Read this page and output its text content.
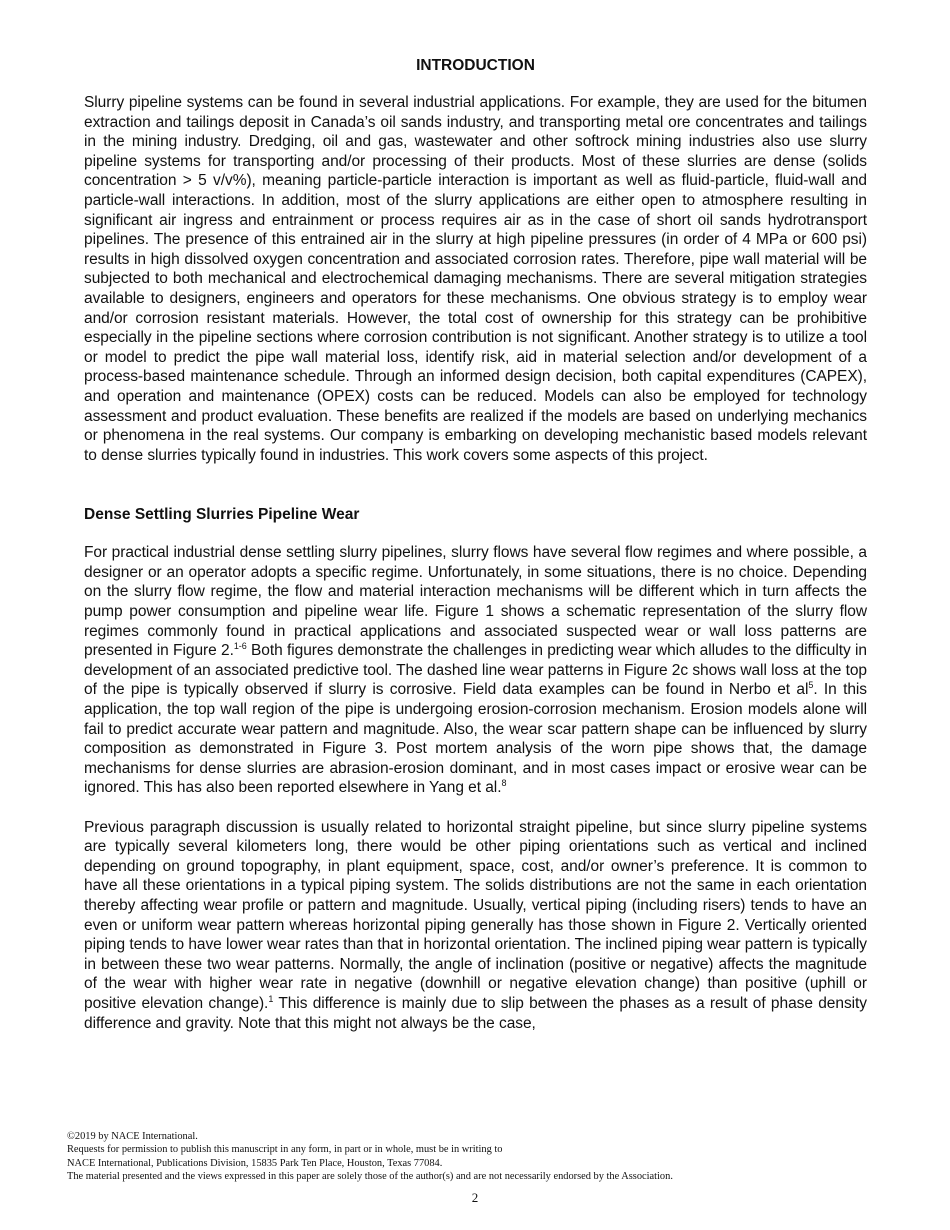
INTRODUCTION

Slurry pipeline systems can be found in several industrial applications. For example, they are used for the bitumen extraction and tailings deposit in Canada’s oil sands industry, and transporting metal ore concentrates and tailings in the mining industry. Dredging, oil and gas, wastewater and other softrock mining industries also use slurry pipeline systems for transporting and/or processing of their products. Most of these slurries are dense (solids concentration > 5 v/v%), meaning particle-particle interaction is important as well as fluid-particle, fluid-wall and particle-wall interactions. In addition, most of the slurry applications are either open to atmosphere resulting in significant air ingress and entrainment or process requires air as in the case of short oil sands hydrotransport pipelines. The presence of this entrained air in the slurry at high pipeline pressures (in order of 4 MPa or 600 psi) results in high dissolved oxygen concentration and associated corrosion rates. Therefore, pipe wall material will be subjected to both mechanical and electrochemical damaging mechanisms. There are several mitigation strategies available to designers, engineers and operators for these mechanisms. One obvious strategy is to employ wear and/or corrosion resistant materials. However, the total cost of ownership for this strategy can be prohibitive especially in the pipeline sections where corrosion contribution is not significant. Another strategy is to utilize a tool or model to predict the pipe wall material loss, identify risk, aid in material selection and/or development of a process-based maintenance schedule. Through an informed design decision, both capital expenditures (CAPEX), and operation and maintenance (OPEX) costs can be reduced. Models can also be employed for technology assessment and product evaluation. These benefits are realized if the models are based on underlying mechanics or phenomena in the real systems. Our company is embarking on developing mechanistic based models relevant to dense slurries typically found in industries. This work covers some aspects of this project.

Dense Settling Slurries Pipeline Wear

For practical industrial dense settling slurry pipelines, slurry flows have several flow regimes and where possible, a designer or an operator adopts a specific regime. Unfortunately, in some situations, there is no choice. Depending on the slurry flow regime, the flow and material interaction mechanisms will be different which in turn affects the pump power consumption and pipeline wear life. Figure 1 shows a schematic representation of the slurry flow regimes commonly found in practical applications and associated suspected wear or wall loss patterns are presented in Figure 2.$^{1-6}$ Both figures demonstrate the challenges in predicting wear which alludes to the difficulty in development of an associated predictive tool. The dashed line wear patterns in Figure 2c shows wall loss at the top of the pipe is typically observed if slurry is corrosive. Field data examples can be found in Nerbo et $al^5$. In this application, the top wall region of the pipe is undergoing erosion-corrosion mechanism. Erosion models alone will fail to predict accurate wear pattern and magnitude. Also, the wear scar pattern shape can be influenced by slurry composition as demonstrated in Figure 3. Post mortem analysis of the worn pipe shows that, the damage mechanisms for dense slurries are abrasion-erosion dominant, and in most cases impact or erosive wear can be ignored. This has also been reported elsewhere in Yang et al.$^8$

Previous paragraph discussion is usually related to horizontal straight pipeline, but since slurry pipeline systems are typically several kilometers long, there would be other piping orientations such as vertical and inclined depending on ground topography, in plant equipment, space, cost, and/or owner’s preference. It is common to have all these orientations in a typical piping system. The solids distributions are not the same in each orientation thereby affecting wear profile or pattern and magnitude. Usually, vertical piping (including risers) tends to have an even or uniform wear pattern whereas horizontal piping generally has those shown in Figure 2. Vertically oriented piping tends to have lower wear rates than that in horizontal orientation. The inclined piping wear pattern is typically in between these two wear patterns. Normally, the angle of inclination (positive or negative) affects the magnitude of the wear with higher wear rate in negative (downhill or negative elevation change) than positive (uphill or positive elevation change).$^1$ This difference is mainly due to slip between the phases as a result of phase density difference and gravity. Note that this might not always be the case,

©2019 by NACE International.
Requests for permission to publish this manuscript in any form, in part or in whole, must be in writing to
NACE International, Publications Division, 15835 Park Ten Place, Houston, Texas 77084.
The material presented and the views expressed in this paper are solely those of the author(s) and are not necessarily endorsed by the Association.
2
